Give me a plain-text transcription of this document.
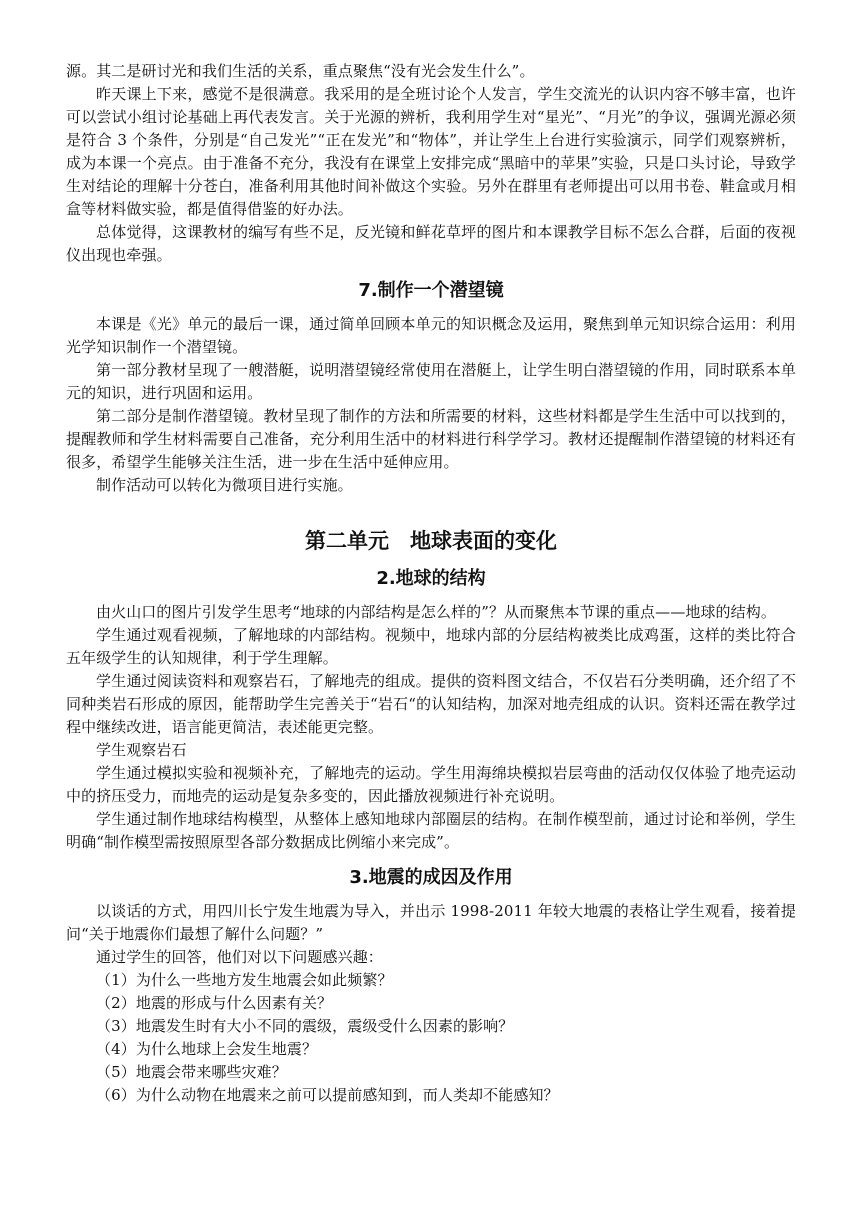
源。其二是研讨光和我们生活的关系，重点聚焦“没有光会发生什么”。

昨天课上下来，感觉不是很满意。我采用的是全班讨论个人发言，学生交流光的认识内容不够丰富，也许可以尝试小组讨论基础上再代表发言。关于光源的辨析，我利用学生对“星光”、“月光”的争议，强调光源必须是符合 3 个条件，分别是“自己发光”“正在发光”和“物体”，并让学生上台进行实验演示，同学们观察辨析，成为本课一个亮点。由于准备不充分，我没有在课堂上安排完成“黑暗中的苹果”实验，只是口头讨论，导致学生对结论的理解十分苍白，准备利用其他时间补做这个实验。另外在群里有老师提出可以用书卷、鞋盒或月相盒等材料做实验，都是值得借鉴的好办法。

总体觉得，这课教材的编写有些不足，反光镜和鲜花草坪的图片和本课教学目标不怎么合群，后面的夜视仪出现也牵强。

7.制作一个潜望镜

本课是《光》单元的最后一课，通过简单回顾本单元的知识概念及运用，聚焦到单元知识综合运用：利用光学知识制作一个潜望镜。

第一部分教材呈现了一艘潜艇，说明潜望镜经常使用在潜艇上，让学生明白潜望镜的作用，同时联系本单元的知识，进行巩固和运用。

第二部分是制作潜望镜。教材呈现了制作的方法和所需要的材料，这些材料都是学生生活中可以找到的，提醒教师和学生材料需要自己准备，充分利用生活中的材料进行科学学习。教材还提醒制作潜望镜的材料还有很多，希望学生能够关注生活，进一步在生活中延伸应用。

制作活动可以转化为微项目进行实施。

第二单元　地球表面的变化
2.地球的结构

由火山口的图片引发学生思考“地球的内部结构是怎么样的”？从而聚焦本节课的重点——地球的结构。

学生通过观看视频，了解地球的内部结构。视频中，地球内部的分层结构被类比成鸡蛋，这样的类比符合五年级学生的认知规律，利于学生理解。

学生通过阅读资料和观察岩石，了解地壳的组成。提供的资料图文结合，不仅岩石分类明确，还介绍了不同种类岩石形成的原因，能帮助学生完善关于“岩石“的认知结构，加深对地壳组成的认识。资料还需在教学过程中继续改进，语言能更简洁，表述能更完整。

学生观察岩石

学生通过模拟实验和视频补充，了解地壳的运动。学生用海绵块模拟岩层弯曲的活动仅仅体验了地壳运动中的挤压受力，而地壳的运动是复杂多变的，因此播放视频进行补充说明。

学生通过制作地球结构模型，从整体上感知地球内部圈层的结构。在制作模型前，通过讨论和举例，学生明确“制作模型需按照原型各部分数据成比例缩小来完成”。

3.地震的成因及作用

以谈话的方式，用四川长宁发生地震为导入，并出示 1998-2011 年较大地震的表格让学生观看，接着提问“关于地震你们最想了解什么问题？”

通过学生的回答，他们对以下问题感兴趣：

（1）为什么一些地方发生地震会如此频繁？

（2）地震的形成与什么因素有关？

（3）地震发生时有大小不同的震级，震级受什么因素的影响？

（4）为什么地球上会发生地震？

（5）地震会带来哪些灾难？

（6）为什么动物在地震来之前可以提前感知到，而人类却不能感知？
